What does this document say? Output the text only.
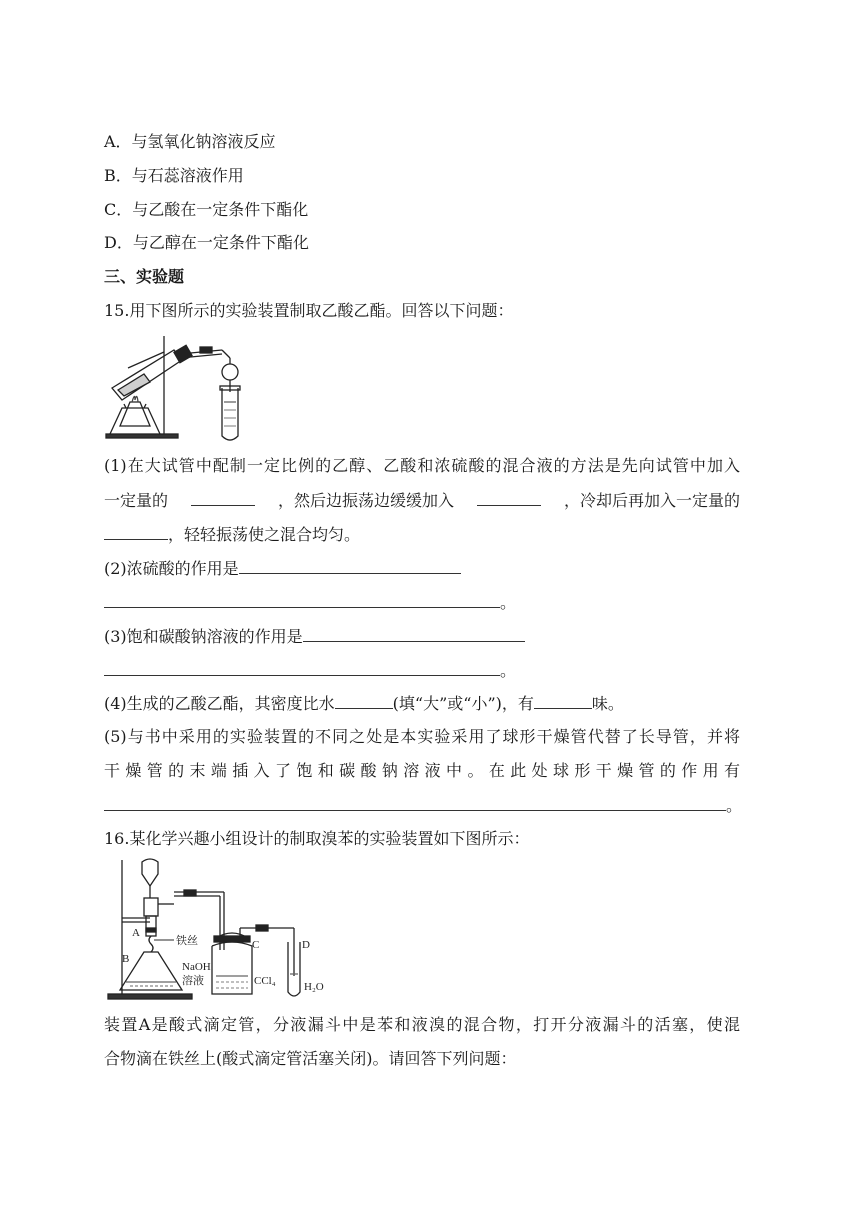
A．与氢氧化钠溶液反应
B．与石蕊溶液作用
C．与乙酸在一定条件下酯化
D．与乙醇在一定条件下酯化
三、实验题
15.用下图所示的实验装置制取乙酸乙酯。回答以下问题：
(1)在大试管中配制一定比例的乙醇、乙酸和浓硫酸的混合液的方法是先向试管中加入
一定量的	，然后边振荡边缓缓加入	，冷却后再加入一定量的
，轻轻振荡使之混合均匀。
(2)浓硫酸的作用是
。
(3)饱和碳酸钠溶液的作用是
。
(4)生成的乙酸乙酯，其密度比水	(填“大”或“小”)，有	味。
(5)与书中采用的实验装置的不同之处是本实验采用了球形干燥管代替了长导管，并将
干燥管的末端插入了饱和碳酸钠溶液中。在此处球形干燥管的作用有
。
16.某化学兴趣小组设计的制取溴苯的实验装置如下图所示：
A
铁丝
B
NaOH
溶液
C
CCl₄
D
H₂O
装置A是酸式滴定管，分液漏斗中是苯和液溴的混合物，打开分液漏斗的活塞，使混
合物滴在铁丝上(酸式滴定管活塞关闭)。请回答下列问题：
